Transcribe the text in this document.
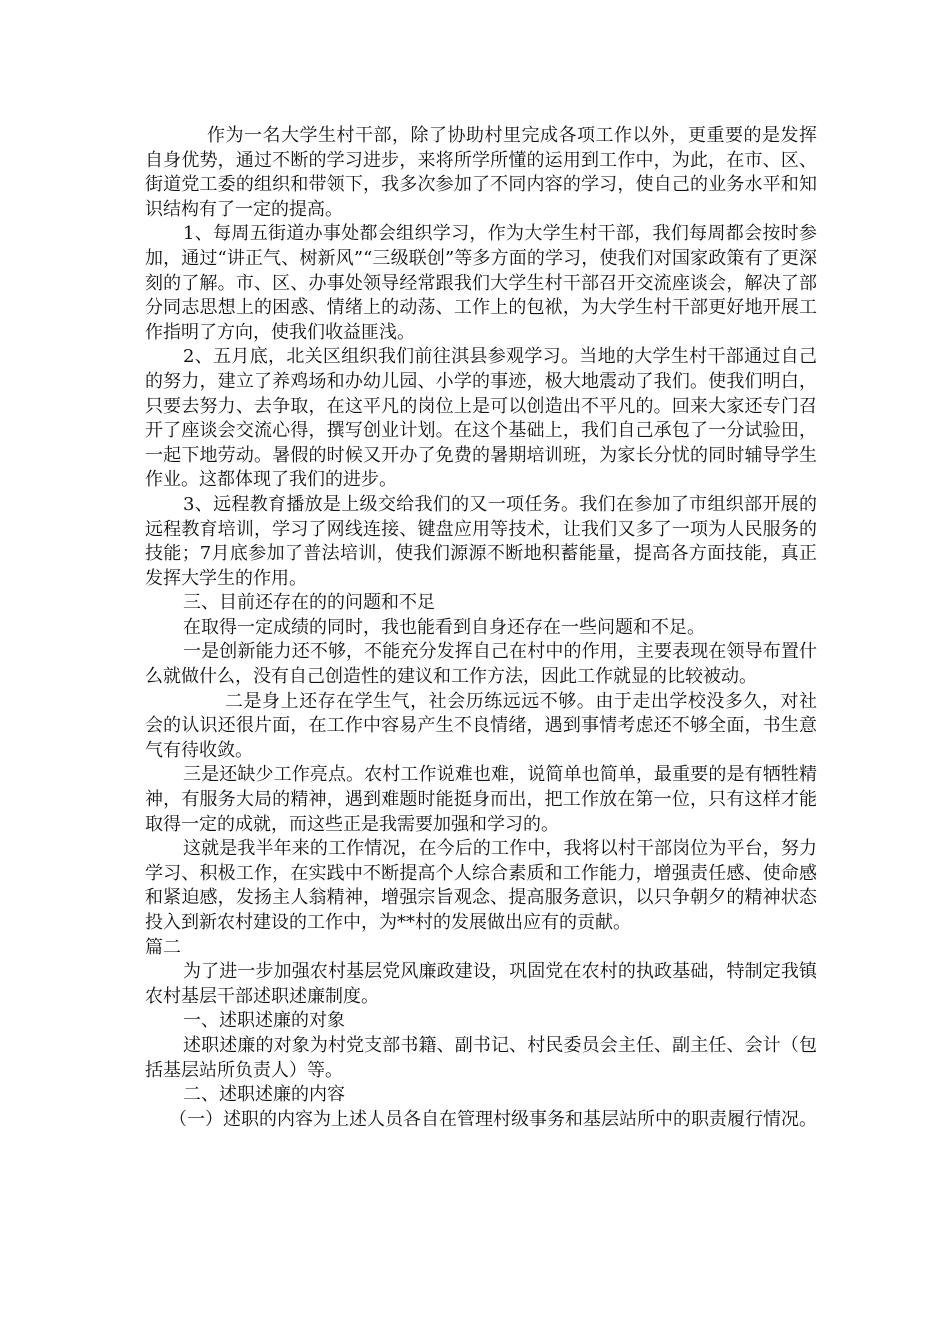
作为一名大学生村干部，除了协助村里完成各项工作以外，更重要的是发挥自身优势，通过不断的学习进步，来将所学所懂的运用到工作中，为此，在市、区、街道党工委的组织和带领下，我多次参加了不同内容的学习，使自己的业务水平和知识结构有了一定的提高。

1、每周五街道办事处都会组织学习，作为大学生村干部，我们每周都会按时参加，通过“讲正气、树新风”“三级联创”等多方面的学习，使我们对国家政策有了更深刻的了解。市、区、办事处领导经常跟我们大学生村干部召开交流座谈会，解决了部分同志思想上的困惑、情绪上的动荡、工作上的包袱，为大学生村干部更好地开展工作指明了方向，使我们收益匪浅。

2、五月底，北关区组织我们前往淇县参观学习。当地的大学生村干部通过自己的努力，建立了养鸡场和办幼儿园、小学的事迹，极大地震动了我们。使我们明白，只要去努力、去争取，在这平凡的岗位上是可以创造出不平凡的。回来大家还专门召开了座谈会交流心得，撰写创业计划。在这个基础上，我们自己承包了一分试验田，一起下地劳动。暑假的时候又开办了免费的暑期培训班，为家长分忧的同时辅导学生作业。这都体现了我们的进步。

3、远程教育播放是上级交给我们的又一项任务。我们在参加了市组织部开展的远程教育培训，学习了网线连接、键盘应用等技术，让我们又多了一项为人民服务的技能；7月底参加了普法培训，使我们源源不断地积蓄能量，提高各方面技能，真正发挥大学生的作用。

三、目前还存在的的问题和不足

在取得一定成绩的同时，我也能看到自身还存在一些问题和不足。

一是创新能力还不够，不能充分发挥自己在村中的作用，主要表现在领导布置什么就做什么，没有自己创造性的建议和工作方法，因此工作就显的比较被动。

二是身上还存在学生气，社会历练远远不够。由于走出学校没多久，对社会的认识还很片面，在工作中容易产生不良情绪，遇到事情考虑还不够全面，书生意气有待收敛。

三是还缺少工作亮点。农村工作说难也难，说简单也简单，最重要的是有牺牲精神，有服务大局的精神，遇到难题时能挺身而出，把工作放在第一位，只有这样才能取得一定的成就，而这些正是我需要加强和学习的。

这就是我半年来的工作情况，在今后的工作中，我将以村干部岗位为平台，努力学习、积极工作，在实践中不断提高个人综合素质和工作能力，增强责任感、使命感和紧迫感，发扬主人翁精神，增强宗旨观念、提高服务意识，以只争朝夕的精神状态投入到新农村建设的工作中，为**村的发展做出应有的贡献。

篇二

为了进一步加强农村基层党风廉政建设，巩固党在农村的执政基础，特制定我镇农村基层干部述职述廉制度。

一、述职述廉的对象

述职述廉的对象为村党支部书籍、副书记、村民委员会主任、副主任、会计（包括基层站所负责人）等。

二、述职述廉的内容

（一）述职的内容为上述人员各自在管理村级事务和基层站所中的职责履行情况。
